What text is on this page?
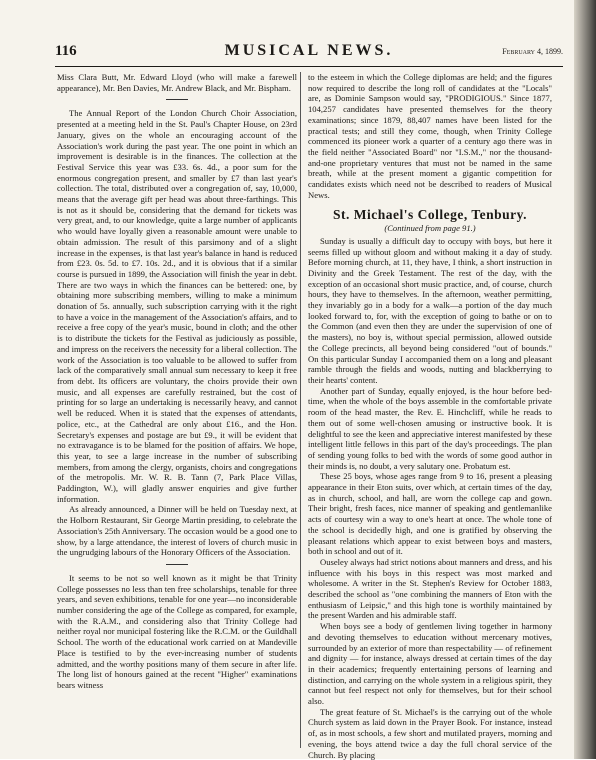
116	MUSICAL NEWS.	February 4, 1899.

Miss Clara Butt, Mr. Edward Lloyd (who will make a farewell appearance), Mr. Ben Davies, Mr. Andrew Black, and Mr. Bispham.

The Annual Report of the London Church Choir Association, presented at a meeting held in the St. Paul's Chapter House, on 23rd January, gives on the whole an encouraging account of the Association's work during the past year. The one point in which an improvement is desirable is in the finances. The collection at the Festival Service this year was £33. 6s. 4d., a poor sum for the enormous congregation present, and smaller by £7 than last year's collection. The total, distributed over a congregation of, say, 10,000, means that the average gift per head was about three-farthings. This is not as it should be, considering that the demand for tickets was very great, and, to our knowledge, quite a large number of applicants who would have loyally given a reasonable amount were unable to obtain admission. The result of this parsimony and of a slight increase in the expenses, is that last year's balance in hand is reduced from £23. 0s. 5d. to £7. 10s. 2d., and it is obvious that if a similar course is pursued in 1899, the Association will finish the year in debt. There are two ways in which the finances can be bettered: one, by obtaining more subscribing members, willing to make a minimum donation of 5s. annually, such subscription carrying with it the right to have a voice in the management of the Association's affairs, and to receive a free copy of the year's music, bound in cloth; and the other is to distribute the tickets for the Festival as judiciously as possible, and impress on the receivers the necessity for a liberal collection. The work of the Association is too valuable to be allowed to suffer from lack of the comparatively small annual sum necessary to keep it free from debt. Its officers are voluntary, the choirs provide their own music, and all expenses are carefully restrained, but the cost of printing for so large an undertaking is necessarily heavy, and cannot well be reduced. When it is stated that the expenses of attendants, police, etc., at the Cathedral are only about £16., and the Hon. Secretary's expenses and postage are but £9., it will be evident that no extravagance is to be blamed for the position of affairs. We hope, this year, to see a large increase in the number of subscribing members, from among the clergy, organists, choirs and congregations of the metropolis. Mr. W. R. B. Tann (7, Park Place Villas, Paddington, W.), will gladly answer enquiries and give further information.

As already announced, a Dinner will be held on Tuesday next, at the Holborn Restaurant, Sir George Martin presiding, to celebrate the Association's 25th Anniversary. The occasion would be a good one to show, by a large attendance, the interest of lovers of church music in the ungrudging labours of the Honorary Officers of the Association.

It seems to be not so well known as it might be that Trinity College possesses no less than ten free scholarships, tenable for three years, and seven exhibitions, tenable for one year—no inconsiderable number considering the age of the College as compared, for example, with the R.A.M., and considering also that Trinity College had neither royal nor municipal fostering like the R.C.M. or the Guildhall School. The worth of the educational work carried on at Mandeville Place is testified to by the ever-increasing number of students admitted, and the worthy positions many of them secure in after life. The long list of honours gained at the recent "Higher" examinations bears witness

to the esteem in which the College diplomas are held; and the figures now required to describe the long roll of candidates at the "Locals" are, as Dominie Sampson would say, "PRODIGIOUS." Since 1877, 104,257 candidates have presented themselves for the theory examinations; since 1879, 88,407 names have been listed for the practical tests; and still they come, though, when Trinity College commenced its pioneer work a quarter of a century ago there was in the field neither "Associated Board" nor "I.S.M.," nor the thousand-and-one proprietary ventures that must not be named in the same breath, while at the present moment a gigantic competition for candidates exists which need not be described to readers of Musical News.

St. Michael's College, Tenbury.
(Continued from page 91.)

Sunday is usually a difficult day to occupy with boys, but here it seems filled up without gloom and without making it a day of study. Before morning church, at 11, they have, I think, a short instruction in Divinity and the Greek Testament. The rest of the day, with the exception of an occasional short music practice, and, of course, church hours, they have to themselves. In the afternoon, weather permitting, they invariably go in a body for a walk—a portion of the day much looked forward to, for, with the exception of going to bathe or on to the Common (and even then they are under the supervision of one of the masters), no boy is, without special permission, allowed outside the College precincts, all beyond being considered "out of bounds." On this particular Sunday I accompanied them on a long and pleasant ramble through the fields and woods, nutting and blackberrying to their hearts' content.

Another part of Sunday, equally enjoyed, is the hour before bed-time, when the whole of the boys assemble in the comfortable private room of the head master, the Rev. E. Hinchcliff, while he reads to them out of some well-chosen amusing or instructive book. It is delightful to see the keen and appreciative interest manifested by these intelligent little fellows in this part of the day's proceedings. The plan of sending young folks to bed with the words of some good author in their minds is, no doubt, a very salutary one. Probatum est.

These 25 boys, whose ages range from 9 to 16, present a pleasing appearance in their Eton suits, over which, at certain times of the day, as in church, school, and hall, are worn the college cap and gown. Their bright, fresh faces, nice manner of speaking and gentlemanlike acts of courtesy win a way to one's heart at once. The whole tone of the school is decidedly high, and one is gratified by observing the pleasant relations which appear to exist between boys and masters, both in school and out of it.

Ouseley always had strict notions about manners and dress, and his influence with his boys in this respect was most marked and wholesome. A writer in the St. Stephen's Review for October 1883, described the school as "one combining the manners of Eton with the enthusiasm of Leipsic," and this high tone is worthily maintained by the present Warden and his admirable staff.

When boys see a body of gentlemen living together in harmony and devoting themselves to education without mercenary motives, surrounded by an exterior of more than respectability — of refinement and dignity — for instance, always dressed at certain times of the day in their academics; frequently entertaining persons of learning and distinction, and carrying on the whole system in a religious spirit, they cannot but feel respect not only for themselves, but for their school also.

The great feature of St. Michael's is the carrying out of the whole Church system as laid down in the Prayer Book. For instance, instead of, as in most schools, a few short and mutilated prayers, morning and evening, the boys attend twice a day the full choral service of the Church. By placing
